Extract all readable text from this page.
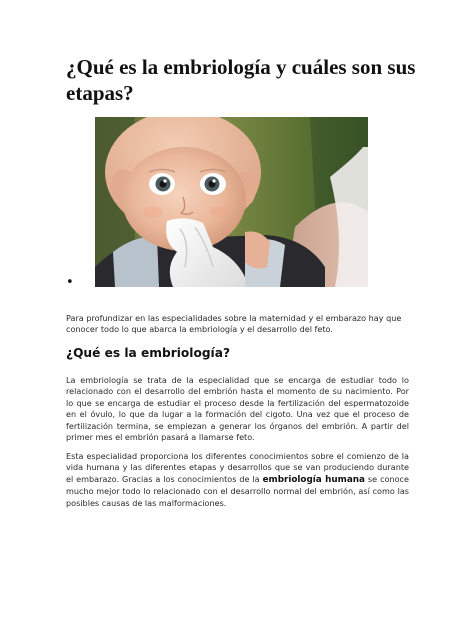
¿Qué es la embriología y cuáles son sus etapas?
•

Para profundizar en las especialidades sobre la maternidad y el embarazo hay que conocer todo lo que abarca la embriología y el desarrollo del feto.

¿Qué es la embriología?

La embriología se trata de la especialidad que se encarga de estudiar todo lo relacionado con el desarrollo del embrión hasta el momento de su nacimiento. Por lo que se encarga de estudiar el proceso desde la fertilización del espermatozoide en el óvulo, lo que da lugar a la formación del cigoto. Una vez que el proceso de fertilización termina, se empiezan a generar los órganos del embrión. A partir del primer mes el embrión pasará a llamarse feto.

Esta especialidad proporciona los diferentes conocimientos sobre el comienzo de la vida humana y las diferentes etapas y desarrollos que se van produciendo durante el embarazo. Gracias a los conocimientos de la embriología humana se conoce mucho mejor todo lo relacionado con el desarrollo normal del embrión, así como las posibles causas de las malformaciones.
